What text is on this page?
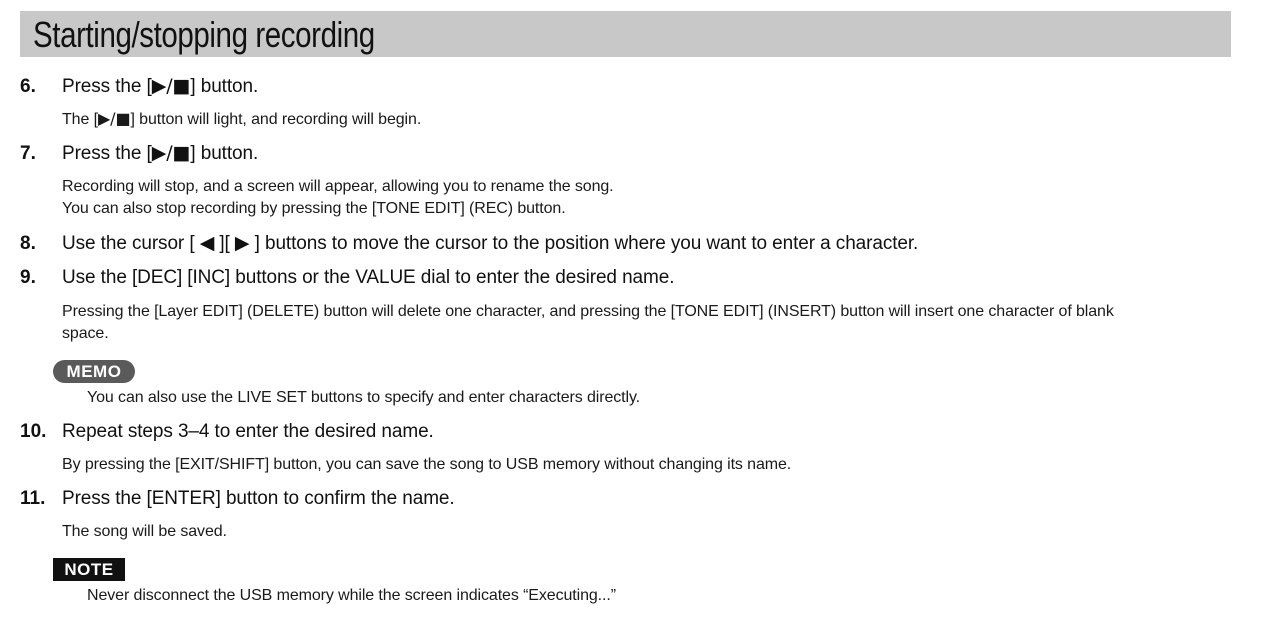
Starting/stopping recording
6. Press the [▶/■] button.
The [▶/■] button will light, and recording will begin.
7. Press the [▶/■] button.
Recording will stop, and a screen will appear, allowing you to rename the song.
You can also stop recording by pressing the [TONE EDIT] (REC) button.
8. Use the cursor [ ◀ ][ ▶ ] buttons to move the cursor to the position where you want to enter a character.
9. Use the [DEC] [INC] buttons or the VALUE dial to enter the desired name.
Pressing the [Layer EDIT] (DELETE) button will delete one character, and pressing the [TONE EDIT] (INSERT) button will insert one character of blank
space.
MEMO
You can also use the LIVE SET buttons to specify and enter characters directly.
10. Repeat steps 3–4 to enter the desired name.
By pressing the [EXIT/SHIFT] button, you can save the song to USB memory without changing its name.
11. Press the [ENTER] button to confirm the name.
The song will be saved.
NOTE
Never disconnect the USB memory while the screen indicates “Executing...”
